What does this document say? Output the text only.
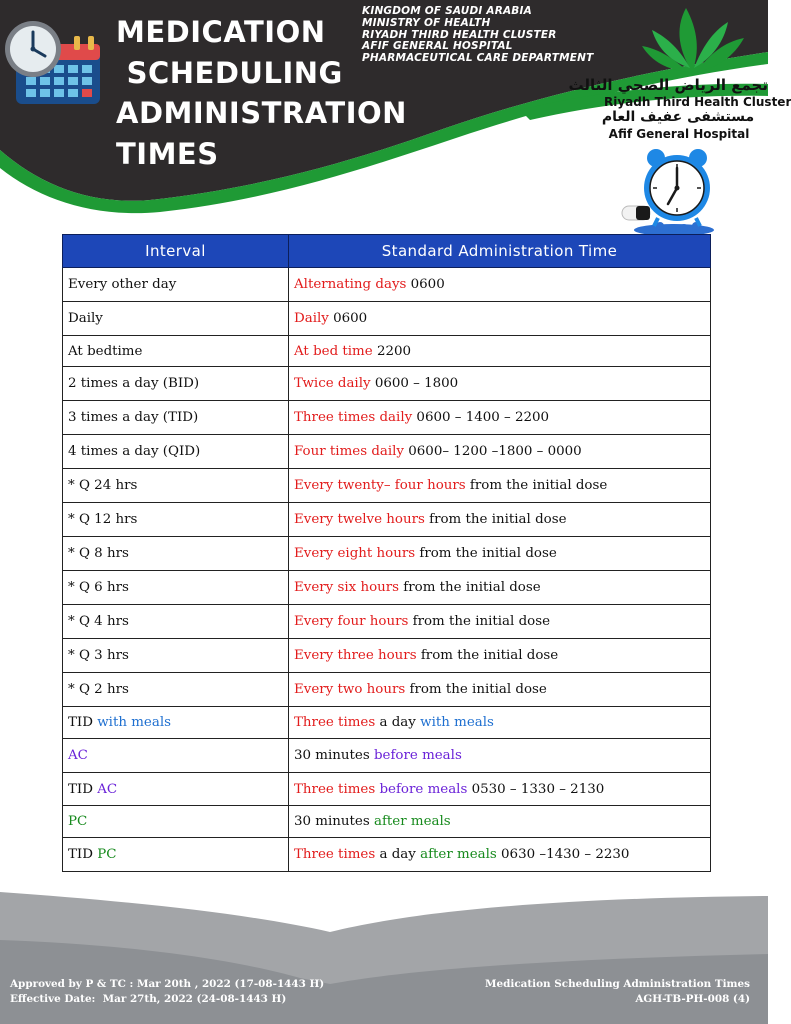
MEDICATION
SCHEDULING
ADMINISTRATION
TIMES
KINGDOM OF SAUDI ARABIA
MINISTRY OF HEALTH
RIYADH THIRD HEALTH CLUSTER
AFIF GENERAL HOSPITAL
PHARMACEUTICAL CARE DEPARTMENT
تجمع الرياض الصحي الثالث
Riyadh Third Health Cluster
مستشفى عفيف العام
Afif General Hospital
Interval	Standard Administration Time
Every other day	Alternating days 0600
Daily	Daily 0600
At bedtime	At bed time 2200
2 times a day (BID)	Twice daily 0600 – 1800
3 times a day (TID)	Three times daily 0600 – 1400 – 2200
4 times a day (QID)	Four times daily 0600– 1200 –1800 – 0000
* Q 24 hrs	Every twenty– four hours from the initial dose
* Q 12 hrs	Every twelve hours from the initial dose
* Q 8 hrs	Every eight hours from the initial dose
* Q 6 hrs	Every six hours from the initial dose
* Q 4 hrs	Every four hours from the initial dose
* Q 3 hrs	Every three hours from the initial dose
* Q 2 hrs	Every two hours from the initial dose
TID with meals	Three times a day with meals
AC	30 minutes before meals
TID AC	Three times before meals 0530 – 1330 – 2130
PC	30 minutes after meals
TID PC	Three times a day after meals 0630 –1430 – 2230
Approved by P & TC : Mar 20th , 2022 (17-08-1443 H)
Effective Date:  Mar 27th, 2022 (24-08-1443 H)
Medication Scheduling Administration Times
AGH-TB-PH-008 (4)
